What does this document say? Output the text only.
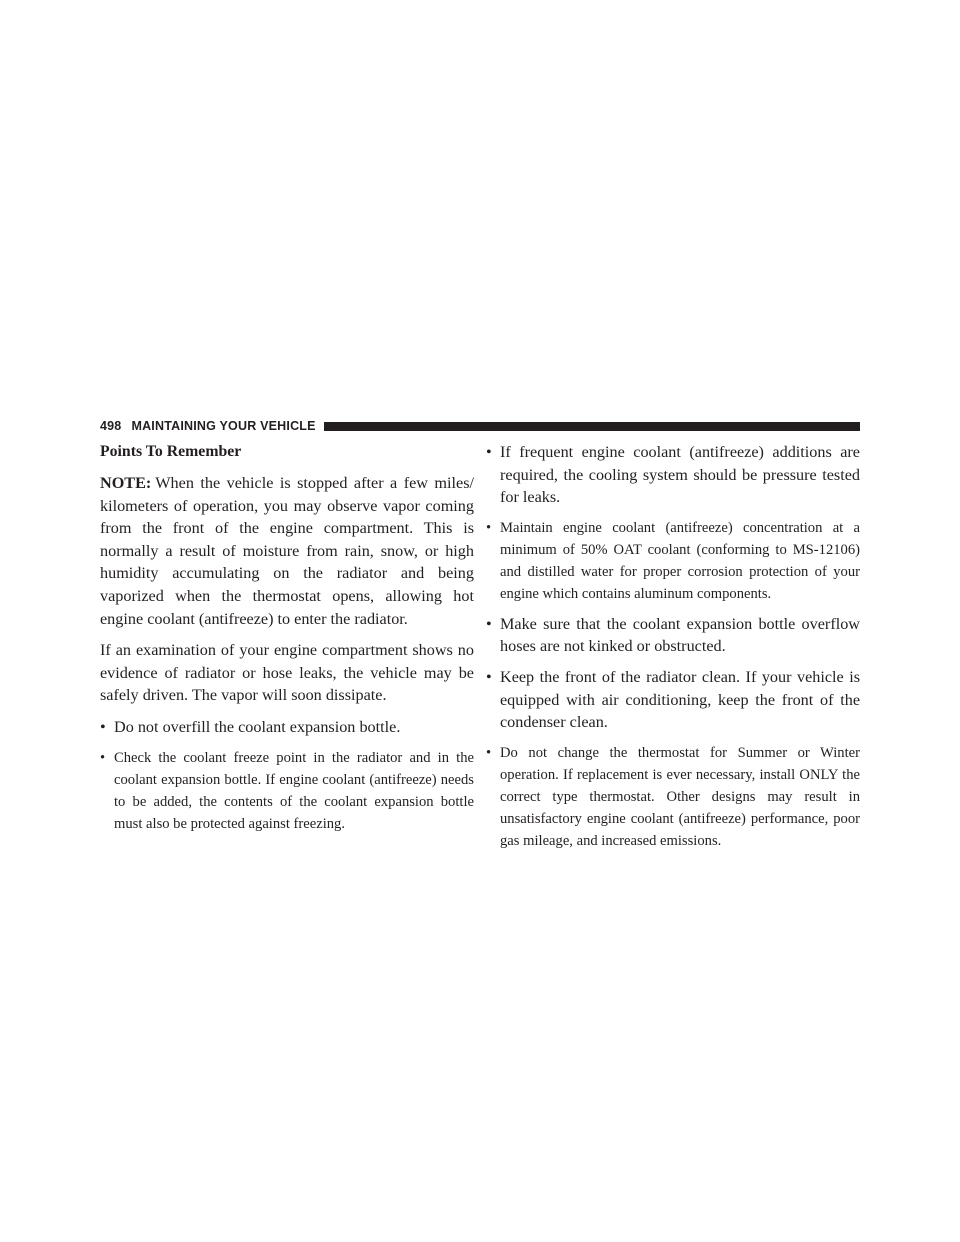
498 MAINTAINING YOUR VEHICLE
Points To Remember

NOTE: When the vehicle is stopped after a few miles/ kilometers of operation, you may observe vapor coming from the front of the engine compartment. This is normally a result of moisture from rain, snow, or high humidity accumulating on the radiator and being vaporized when the thermostat opens, allowing hot engine coolant (antifreeze) to enter the radiator.

If an examination of your engine compartment shows no evidence of radiator or hose leaks, the vehicle may be safely driven. The vapor will soon dissipate.

• Do not overfill the coolant expansion bottle.
• Check the coolant freeze point in the radiator and in the coolant expansion bottle. If engine coolant (antifreeze) needs to be added, the contents of the coolant expansion bottle must also be protected against freezing.
• If frequent engine coolant (antifreeze) additions are required, the cooling system should be pressure tested for leaks.
• Maintain engine coolant (antifreeze) concentration at a minimum of 50% OAT coolant (conforming to MS-12106) and distilled water for proper corrosion protection of your engine which contains aluminum components.
• Make sure that the coolant expansion bottle overflow hoses are not kinked or obstructed.
• Keep the front of the radiator clean. If your vehicle is equipped with air conditioning, keep the front of the condenser clean.
• Do not change the thermostat for Summer or Winter operation. If replacement is ever necessary, install ONLY the correct type thermostat. Other designs may result in unsatisfactory engine coolant (antifreeze) performance, poor gas mileage, and increased emissions.
